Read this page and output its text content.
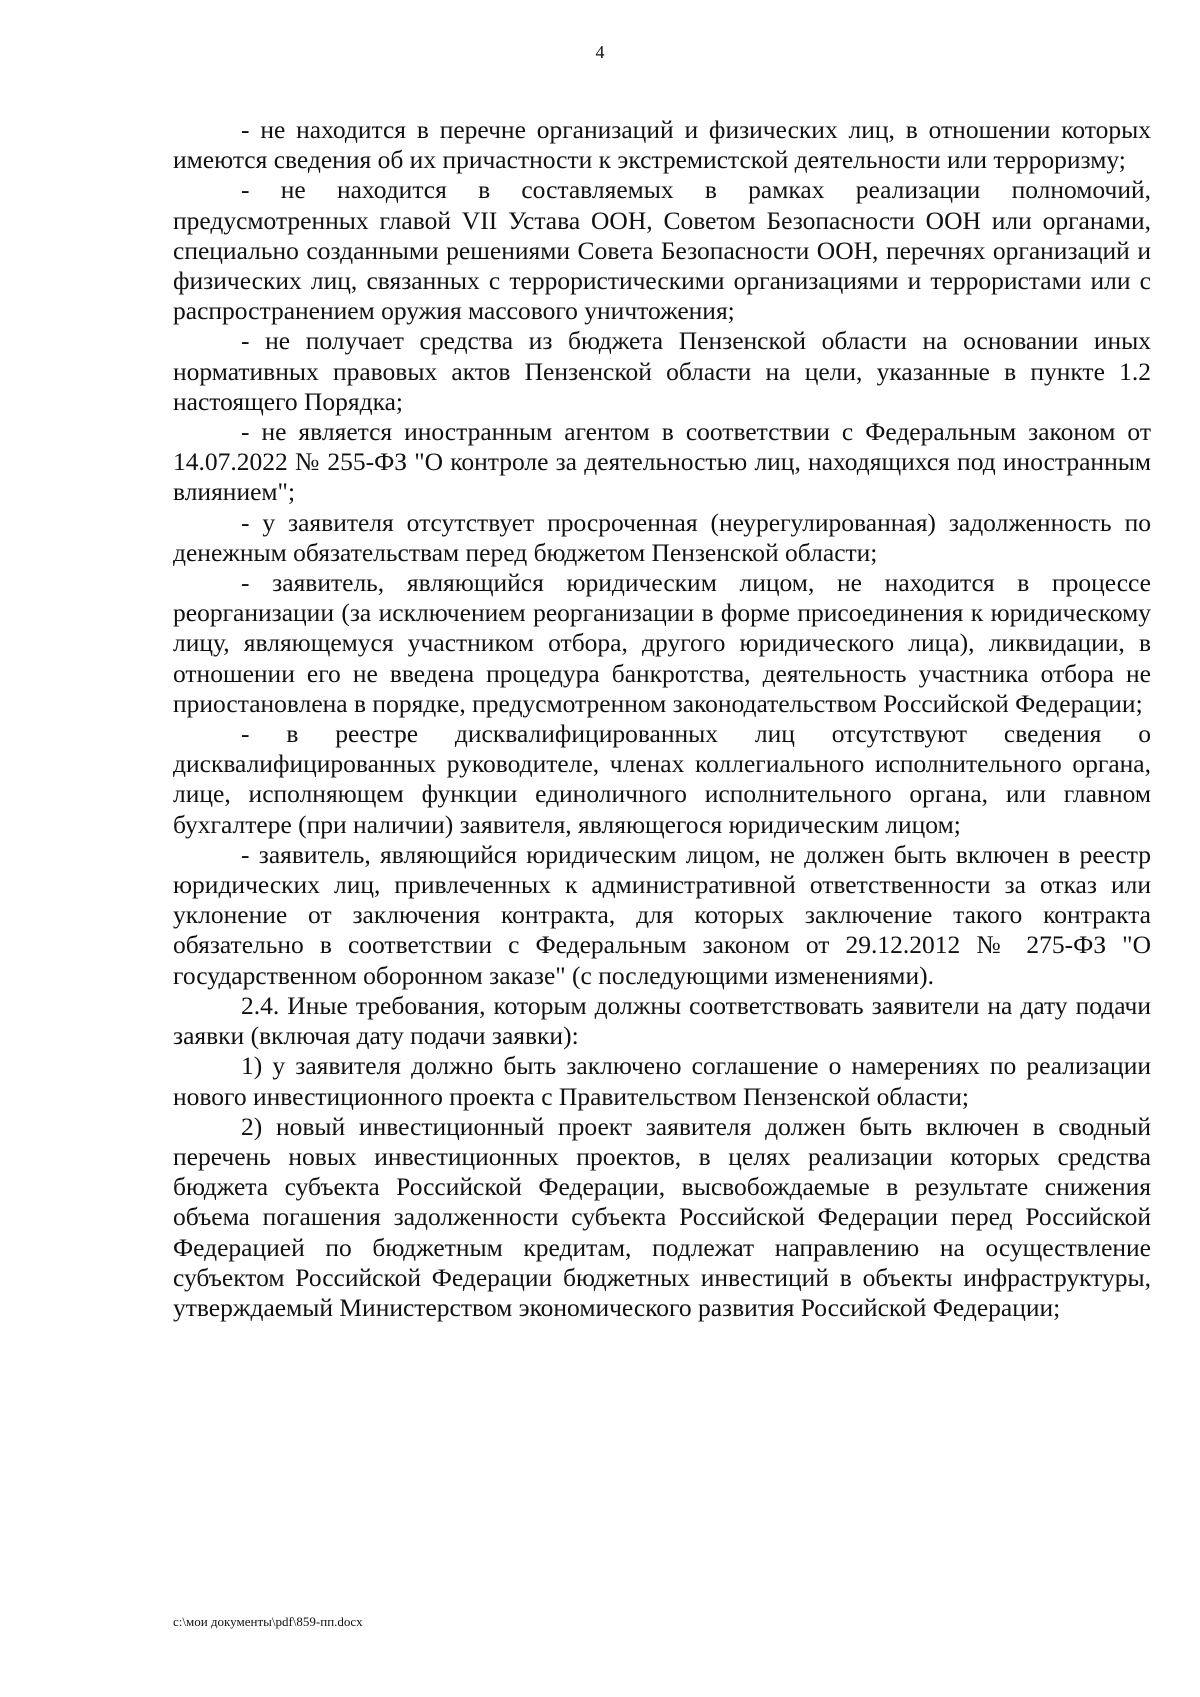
4

- не находится в перечне организаций и физических лиц, в отношении которых имеются сведения об их причастности к экстремистской деятельности или терроризму;

- не находится в составляемых в рамках реализации полномочий, предусмотренных главой VII Устава ООН, Советом Безопасности ООН или органами, специально созданными решениями Совета Безопасности ООН, перечнях организаций и физических лиц, связанных с террористическими организациями и террористами или с распространением оружия массового уничтожения;

- не получает средства из бюджета Пензенской области на основании иных нормативных правовых актов Пензенской области на цели, указанные в пункте 1.2 настоящего Порядка;

- не является иностранным агентом в соответствии с Федеральным законом от 14.07.2022 № 255-ФЗ "О контроле за деятельностью лиц, находящихся под иностранным влиянием";

- у заявителя отсутствует просроченная (неурегулированная) задолженность по денежным обязательствам перед бюджетом Пензенской области;

- заявитель, являющийся юридическим лицом, не находится в процессе реорганизации (за исключением реорганизации в форме присоединения к юридическому лицу, являющемуся участником отбора, другого юридического лица), ликвидации, в отношении его не введена процедура банкротства, деятельность участника отбора не приостановлена в порядке, предусмотренном законодательством Российской Федерации;

- в реестре дисквалифицированных лиц отсутствуют сведения о дисквалифицированных руководителе, членах коллегиального исполнительного органа, лице, исполняющем функции единоличного исполнительного органа, или главном бухгалтере (при наличии) заявителя, являющегося юридическим лицом;

- заявитель, являющийся юридическим лицом, не должен быть включен в реестр юридических лиц, привлеченных к административной ответственности за отказ или уклонение от заключения контракта, для которых заключение такого контракта обязательно в соответствии с Федеральным законом от 29.12.2012 № 275-ФЗ "О государственном оборонном заказе" (с последующими изменениями).

2.4. Иные требования, которым должны соответствовать заявители на дату подачи заявки (включая дату подачи заявки):

1) у заявителя должно быть заключено соглашение о намерениях по реализации нового инвестиционного проекта с Правительством Пензенской области;

2) новый инвестиционный проект заявителя должен быть включен в сводный перечень новых инвестиционных проектов, в целях реализации которых средства бюджета субъекта Российской Федерации, высвобождаемые в результате снижения объема погашения задолженности субъекта Российской Федерации перед Российской Федерацией по бюджетным кредитам, подлежат направлению на осуществление субъектом Российской Федерации бюджетных инвестиций в объекты инфраструктуры, утверждаемый Министерством экономического развития Российской Федерации;

c:\мои документы\pdf\859-пп.docx
